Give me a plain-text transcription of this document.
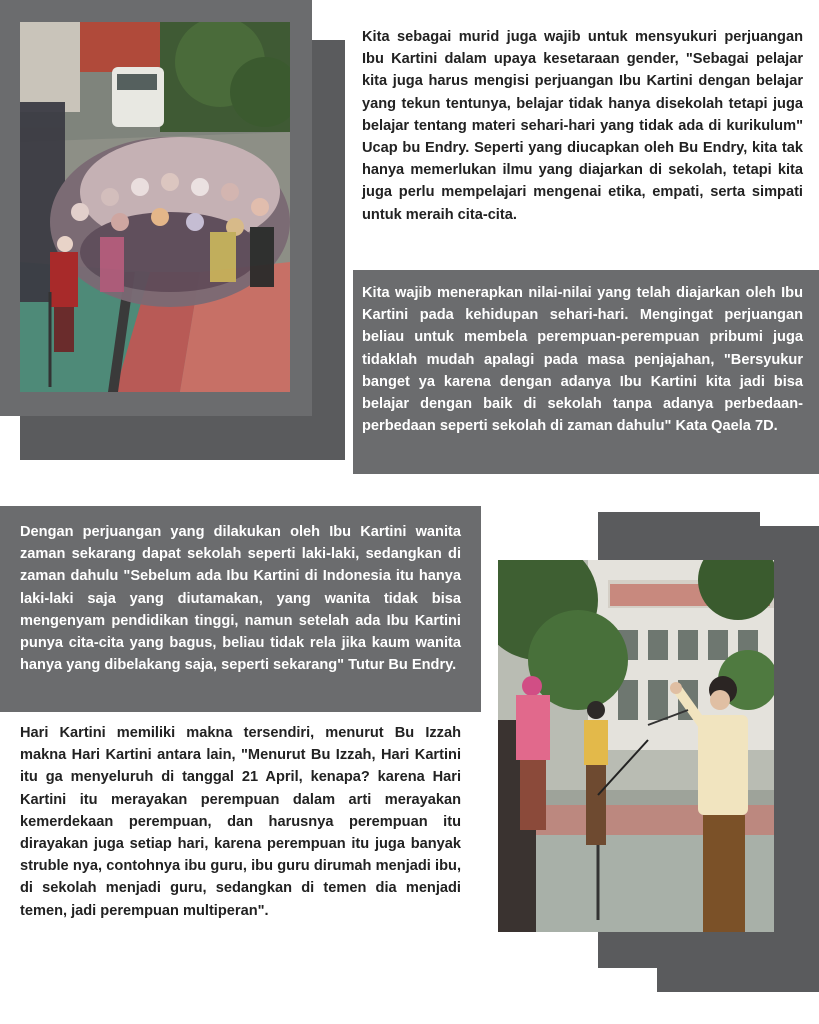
Kita sebagai murid juga wajib untuk mensyukuri perjuangan Ibu Kartini dalam upaya kesetaraan gender, "Sebagai pelajar kita juga harus mengisi perjuangan Ibu Kartini dengan belajar yang tekun tentunya, belajar tidak hanya disekolah tetapi juga belajar tentang materi sehari-hari yang tidak ada di kurikulum" Ucap bu Endry. Seperti yang diucapkan oleh Bu Endry, kita tak hanya memerlukan ilmu yang diajarkan di sekolah, tetapi kita juga perlu mempelajari mengenai etika, empati, serta simpati untuk meraih cita-cita.

Kita wajib menerapkan nilai-nilai yang telah diajarkan oleh Ibu Kartini pada kehidupan sehari-hari. Mengingat perjuangan beliau untuk membela perempuan-perempuan pribumi juga tidaklah mudah apalagi pada masa penjajahan, "Bersyukur banget ya karena dengan adanya Ibu Kartini kita jadi bisa belajar dengan baik di sekolah tanpa adanya perbedaan-perbedaan seperti sekolah di zaman dahulu" Kata Qaela 7D.

Dengan perjuangan yang dilakukan oleh Ibu Kartini wanita zaman sekarang dapat sekolah seperti laki-laki, sedangkan di zaman dahulu "Sebelum ada Ibu Kartini di Indonesia itu hanya laki-laki saja yang diutamakan, yang wanita tidak bisa mengenyam pendidikan tinggi, namun setelah ada Ibu Kartini punya cita-cita yang bagus, beliau tidak rela jika kaum wanita hanya yang dibelakang saja, seperti sekarang" Tutur Bu Endry.

Hari Kartini memiliki makna tersendiri, menurut Bu Izzah makna Hari Kartini antara lain, "Menurut Bu Izzah, Hari Kartini itu ga menyeluruh di tanggal 21 April, kenapa? karena Hari Kartini itu merayakan perempuan dalam arti merayakan kemerdekaan perempuan, dan harusnya perempuan itu dirayakan juga setiap hari, karena perempuan itu juga banyak struble nya, contohnya ibu guru, ibu guru dirumah menjadi ibu, di sekolah menjadi guru, sedangkan di temen dia menjadi temen, jadi perempuan multiperan".
